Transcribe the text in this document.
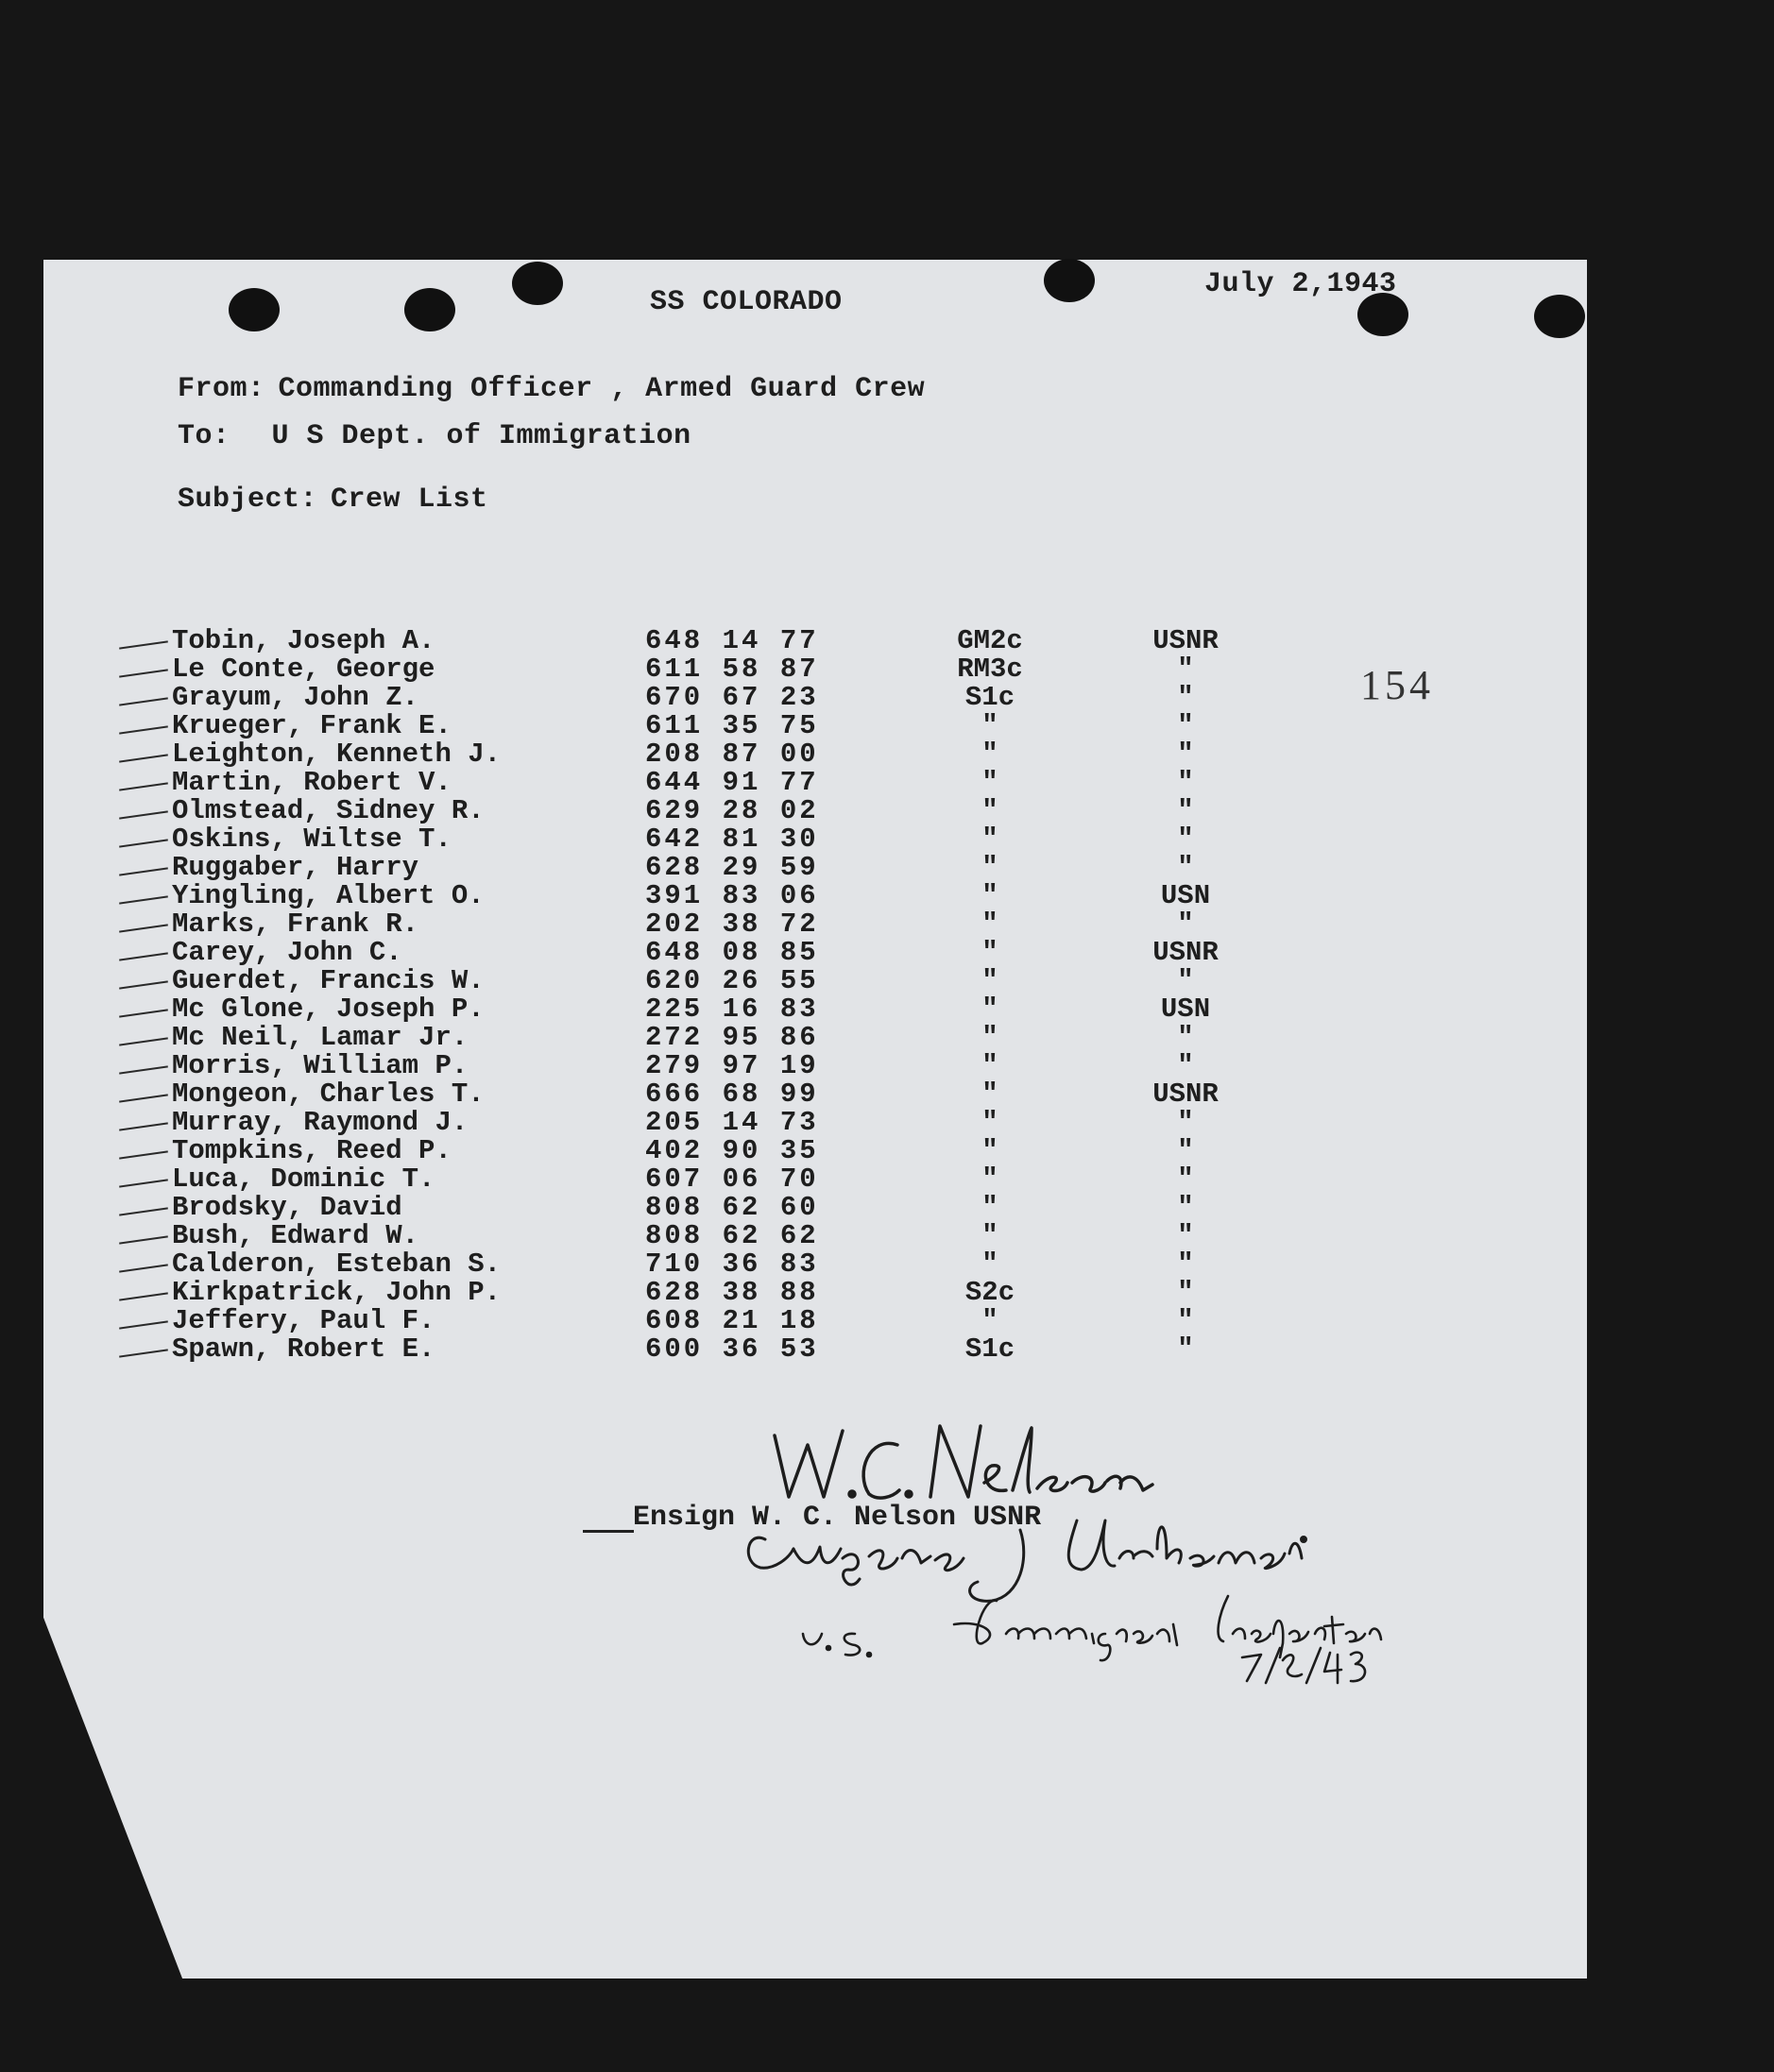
SS COLORADO
July 2,1943
From: Commanding Officer , Armed Guard Crew
To: U S Dept. of Immigration
Subject: Crew List
154
Tobin, Joseph A.	648 14 77	GM2c	USNR
Le Conte, George	611 58 87	RM3c	"
Grayum, John Z.	670 67 23	S1c	"
Krueger, Frank E.	611 35 75	"	"
Leighton, Kenneth J.	208 87 00	"	"
Martin, Robert V.	644 91 77	"	"
Olmstead, Sidney R.	629 28 02	"	"
Oskins, Wiltse T.	642 81 30	"	"
Ruggaber, Harry	628 29 59	"	"
Yingling, Albert O.	391 83 06	"	USN
Marks, Frank R.	202 38 72	"	"
Carey, John C.	648 08 85	"	USNR
Guerdet, Francis W.	620 26 55	"	"
Mc Glone, Joseph P.	225 16 83	"	USN
Mc Neil, Lamar Jr.	272 95 86	"	"
Morris, William P.	279 97 19	"	"
Mongeon, Charles T.	666 68 99	"	USNR
Murray, Raymond J.	205 14 73	"	"
Tompkins, Reed P.	402 90 35	"	"
Luca, Dominic T.	607 06 70	"	"
Brodsky, David	808 62 60	"	"
Bush, Edward W.	808 62 62	"	"
Calderon, Esteban S.	710 36 83	"	"
Kirkpatrick, John P.	628 38 88	S2c	"
Jeffery, Paul F.	608 21 18	"	"
Spawn, Robert E.	600 36 53	S1c	"
Ensign W. C. Nelson USNR
